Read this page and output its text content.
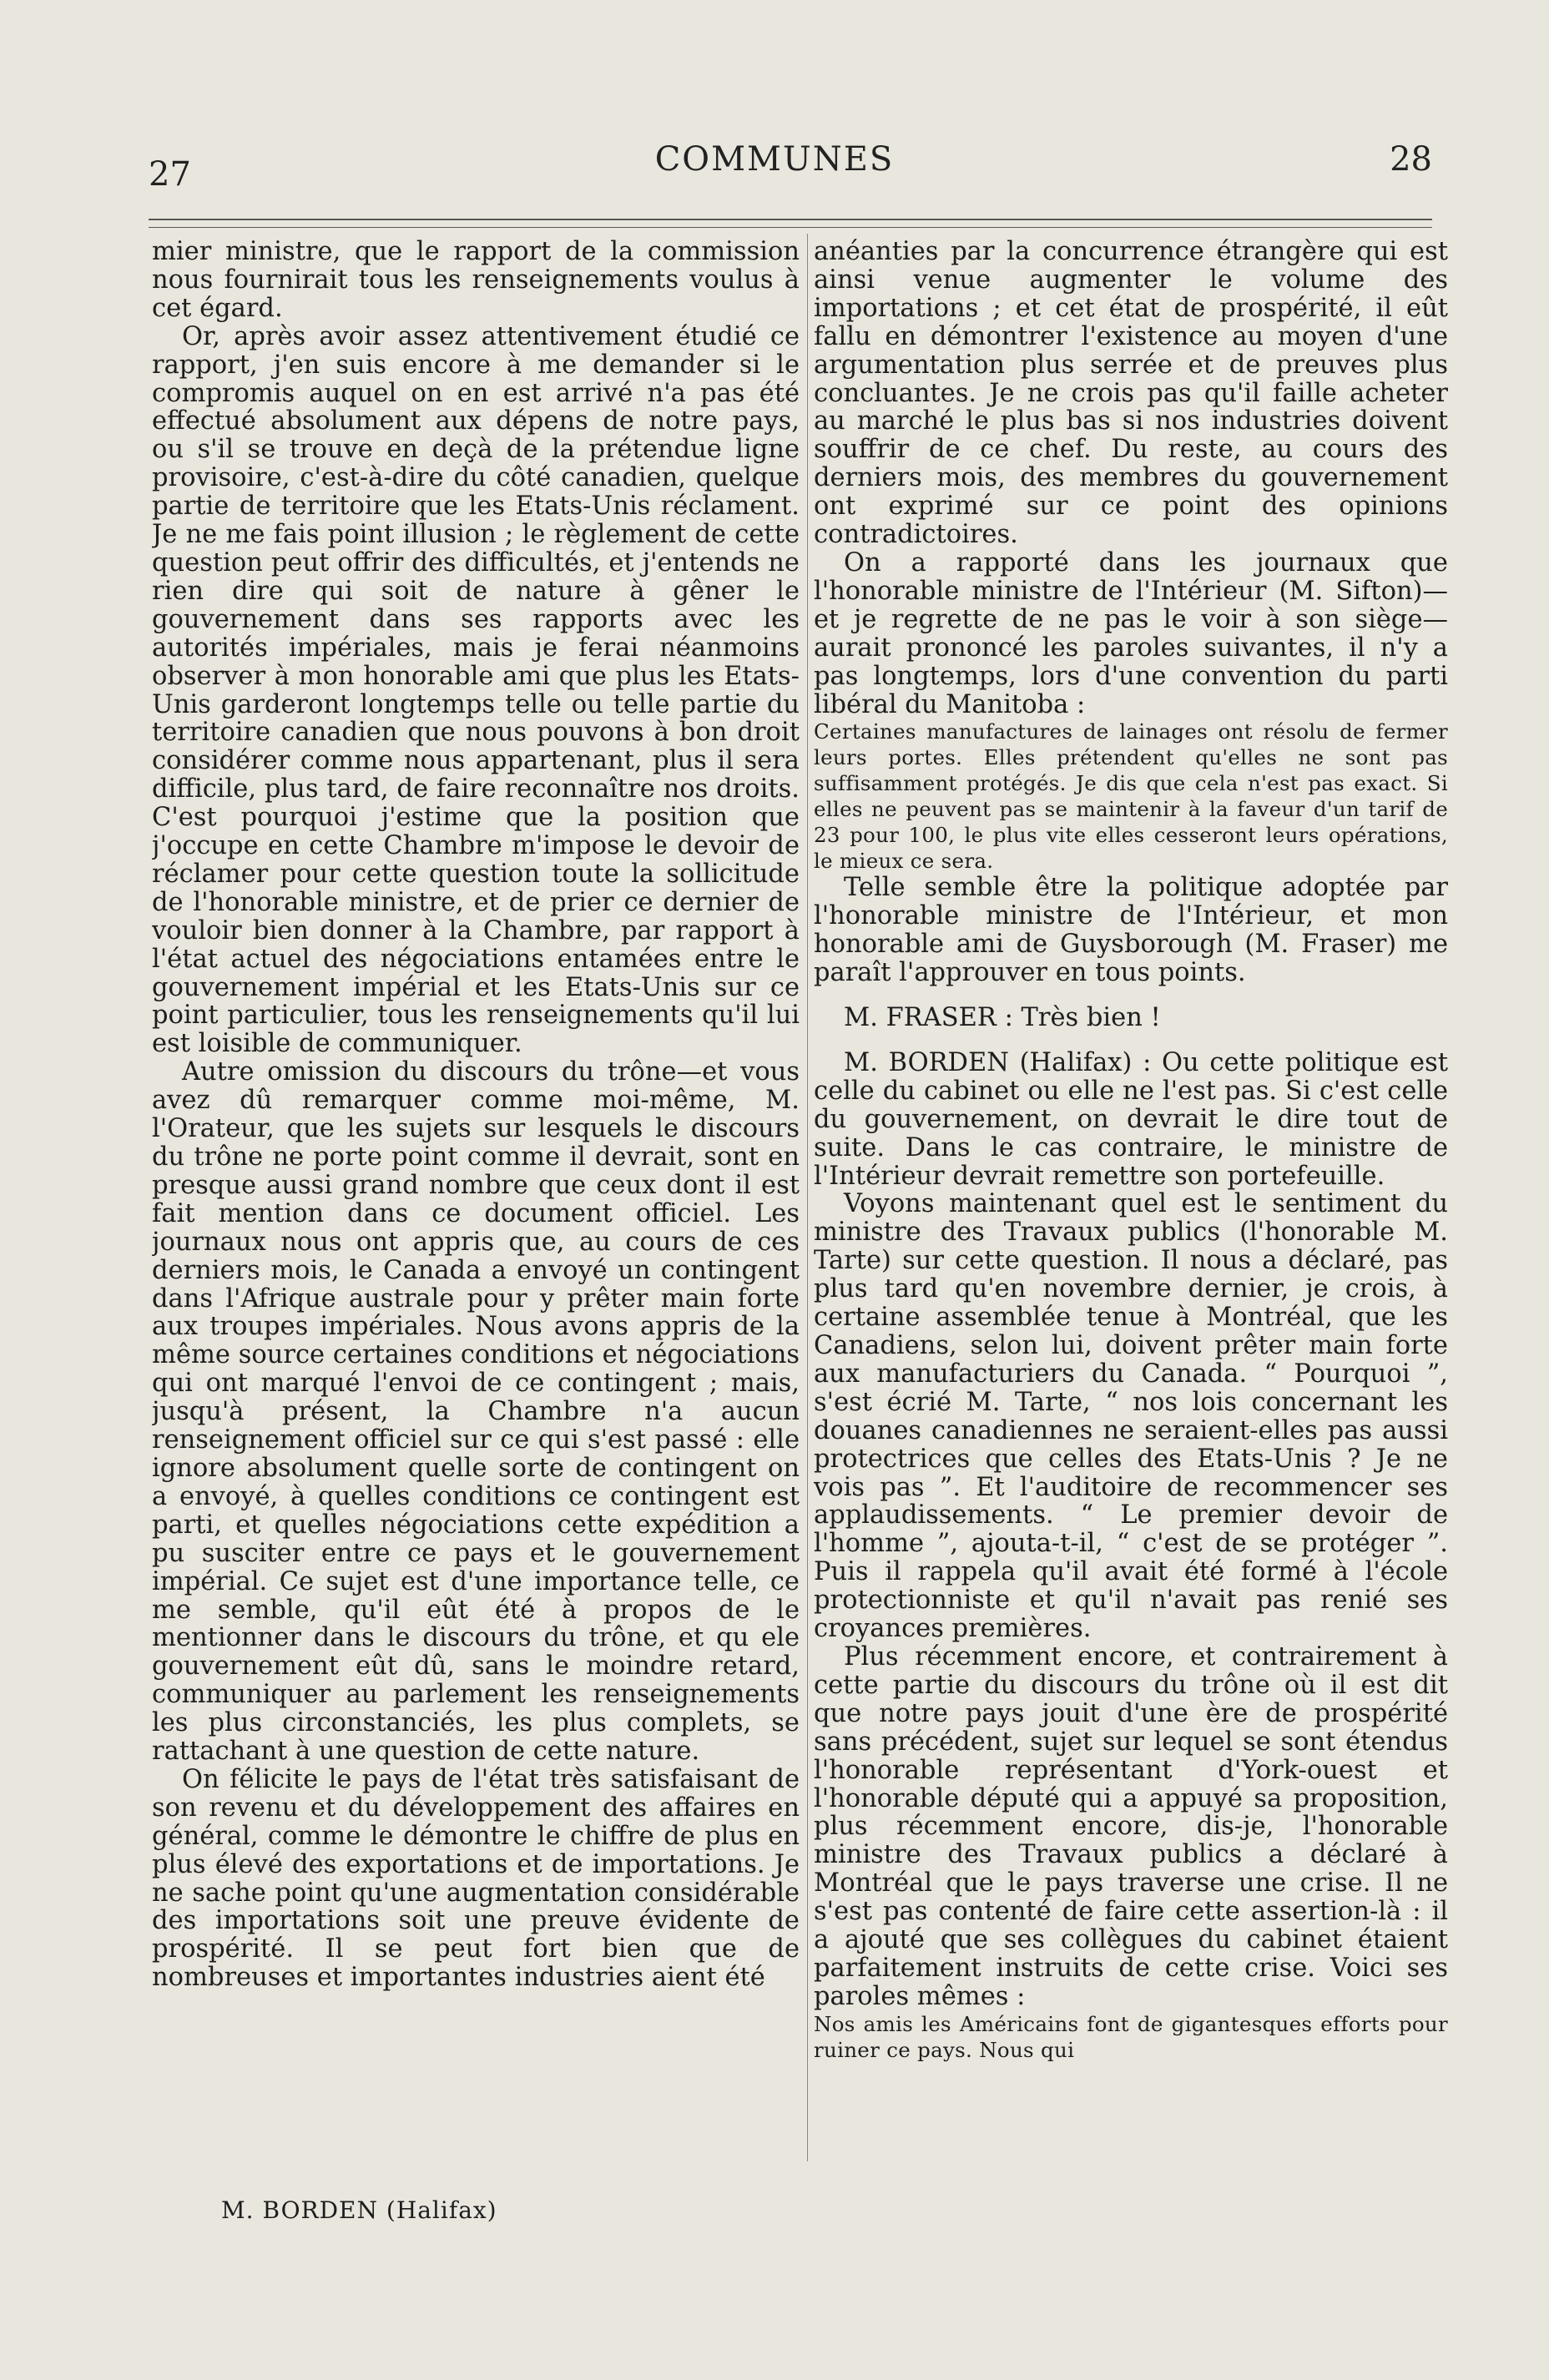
27	COMMUNES	28

mier ministre, que le rapport de la commission nous fournirait tous les renseignements voulus à cet égard.

Or, après avoir assez attentivement étudié ce rapport, j'en suis encore à me demander si le compromis auquel on en est arrivé n'a pas été effectué absolument aux dépens de notre pays, ou s'il se trouve en deçà de la prétendue ligne provisoire, c'est-à-dire du côté canadien, quelque partie de territoire que les Etats-Unis réclament. Je ne me fais point illusion ; le règlement de cette question peut offrir des difficultés, et j'entends ne rien dire qui soit de nature à gêner le gouvernement dans ses rapports avec les autorités impériales, mais je ferai néanmoins observer à mon honorable ami que plus les Etats-Unis garderont longtemps telle ou telle partie du territoire canadien que nous pouvons à bon droit considérer comme nous appartenant, plus il sera difficile, plus tard, de faire reconnaître nos droits. C'est pourquoi j'estime que la position que j'occupe en cette Chambre m'impose le devoir de réclamer pour cette question toute la sollicitude de l'honorable ministre, et de prier ce dernier de vouloir bien donner à la Chambre, par rapport à l'état actuel des négociations entamées entre le gouvernement impérial et les Etats-Unis sur ce point particulier, tous les renseignements qu'il lui est loisible de communiquer.

Autre omission du discours du trône—et vous avez dû remarquer comme moi-même, M. l'Orateur, que les sujets sur lesquels le discours du trône ne porte point comme il devrait, sont en presque aussi grand nombre que ceux dont il est fait mention dans ce document officiel. Les journaux nous ont appris que, au cours de ces derniers mois, le Canada a envoyé un contingent dans l'Afrique australe pour y prêter main forte aux troupes impériales. Nous avons appris de la même source certaines conditions et négociations qui ont marqué l'envoi de ce contingent ; mais, jusqu'à présent, la Chambre n'a aucun renseignement officiel sur ce qui s'est passé : elle ignore absolument quelle sorte de contingent on a envoyé, à quelles conditions ce contingent est parti, et quelles négociations cette expédition a pu susciter entre ce pays et le gouvernement impérial. Ce sujet est d'une importance telle, ce me semble, qu'il eût été à propos de le mentionner dans le discours du trône, et qu ele gouvernement eût dû, sans le moindre retard, communiquer au parlement les renseignements les plus circonstanciés, les plus complets, se rattachant à une question de cette nature.

On félicite le pays de l'état très satisfaisant de son revenu et du développement des affaires en général, comme le démontre le chiffre de plus en plus élevé des exportations et de importations. Je ne sache point qu'une augmentation considérable des importations soit une preuve évidente de prospérité. Il se peut fort bien que de nombreuses et importantes industries aient été

anéanties par la concurrence étrangère qui est ainsi venue augmenter le volume des importations ; et cet état de prospérité, il eût fallu en démontrer l'existence au moyen d'une argumentation plus serrée et de preuves plus concluantes. Je ne crois pas qu'il faille acheter au marché le plus bas si nos industries doivent souffrir de ce chef. Du reste, au cours des derniers mois, des membres du gouvernement ont exprimé sur ce point des opinions contradictoires.

On a rapporté dans les journaux que l'honorable ministre de l'Intérieur (M. Sifton)—et je regrette de ne pas le voir à son siège—aurait prononcé les paroles suivantes, il n'y a pas longtemps, lors d'une convention du parti libéral du Manitoba :

Certaines manufactures de lainages ont résolu de fermer leurs portes. Elles prétendent qu'elles ne sont pas suffisamment protégés. Je dis que cela n'est pas exact. Si elles ne peuvent pas se maintenir à la faveur d'un tarif de 23 pour 100, le plus vite elles cesseront leurs opérations, le mieux ce sera.

Telle semble être la politique adoptée par l'honorable ministre de l'Intérieur, et mon honorable ami de Guysborough (M. Fraser) me paraît l'approuver en tous points.

M. FRASER : Très bien !

M. BORDEN (Halifax) : Ou cette politique est celle du cabinet ou elle ne l'est pas. Si c'est celle du gouvernement, on devrait le dire tout de suite. Dans le cas contraire, le ministre de l'Intérieur devrait remettre son portefeuille.

Voyons maintenant quel est le sentiment du ministre des Travaux publics (l'honorable M. Tarte) sur cette question. Il nous a déclaré, pas plus tard qu'en novembre dernier, je crois, à certaine assemblée tenue à Montréal, que les Canadiens, selon lui, doivent prêter main forte aux manufacturiers du Canada. “ Pourquoi ”, s'est écrié M. Tarte, “ nos lois concernant les douanes canadiennes ne seraient-elles pas aussi protectrices que celles des Etats-Unis ? Je ne vois pas ”. Et l'auditoire de recommencer ses applaudissements. “ Le premier devoir de l'homme ”, ajouta-t-il, “ c'est de se protéger ”. Puis il rappela qu'il avait été formé à l'école protectionniste et qu'il n'avait pas renié ses croyances premières.

Plus récemment encore, et contrairement à cette partie du discours du trône où il est dit que notre pays jouit d'une ère de prospérité sans précédent, sujet sur lequel se sont étendus l'honorable représentant d'York-ouest et l'honorable député qui a appuyé sa proposition, plus récemment encore, dis-je, l'honorable ministre des Travaux publics a déclaré à Montréal que le pays traverse une crise. Il ne s'est pas contenté de faire cette assertion-là : il a ajouté que ses collègues du cabinet étaient parfaitement instruits de cette crise. Voici ses paroles mêmes :

Nos amis les Américains font de gigantesques efforts pour ruiner ce pays. Nous qui

M. BORDEN (Halifax)
